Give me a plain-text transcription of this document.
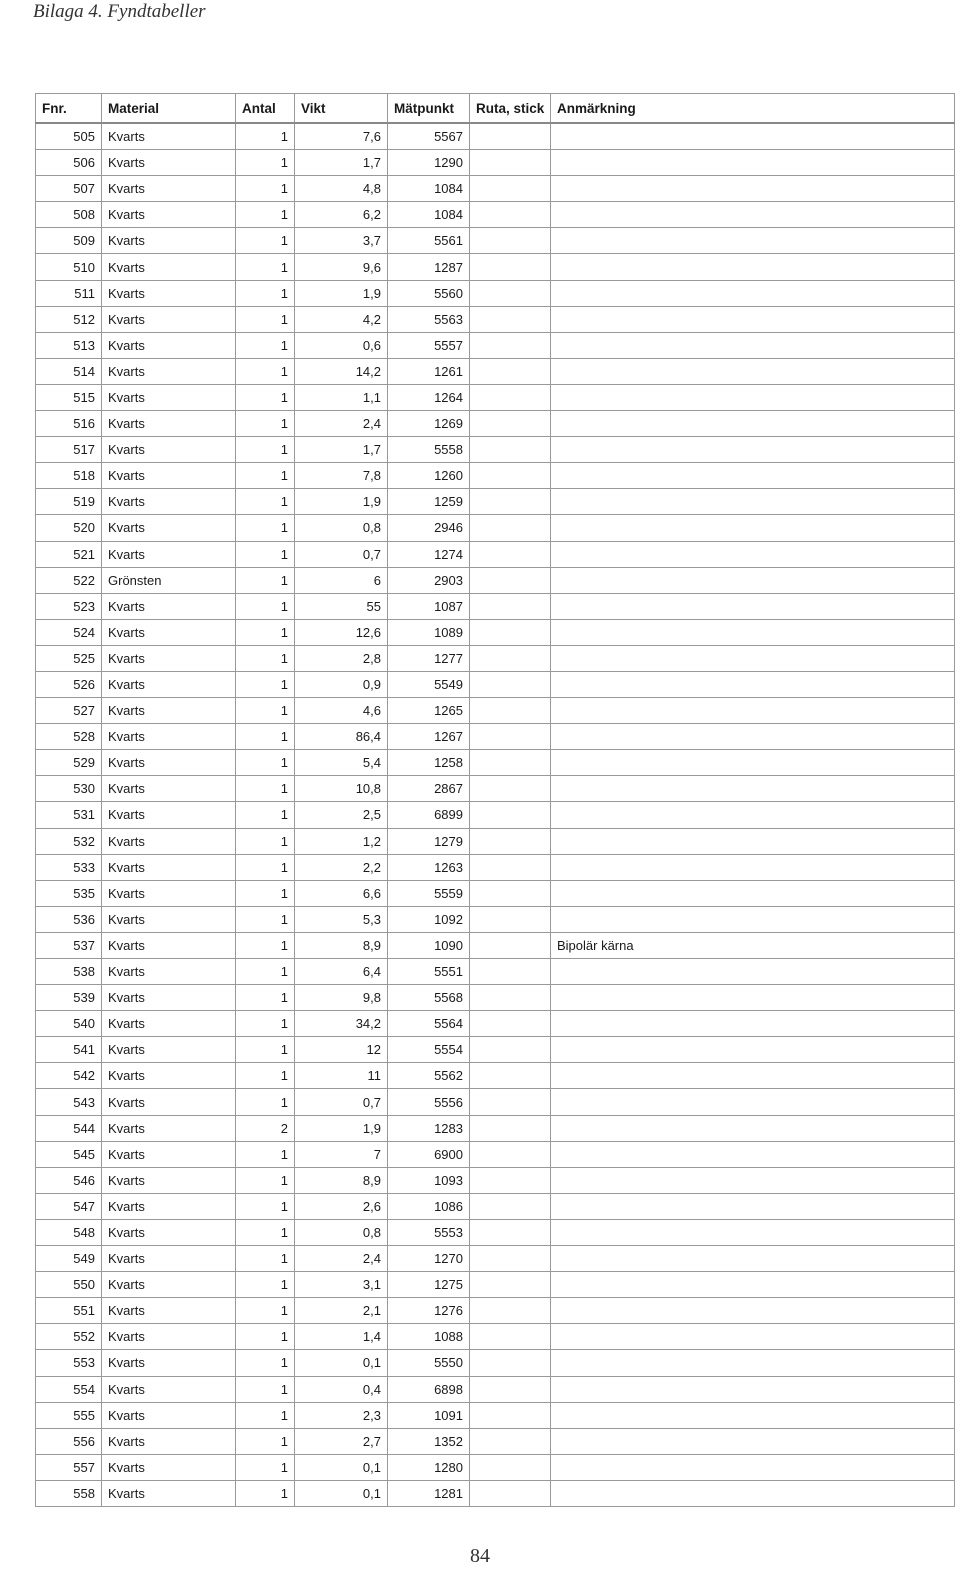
Bilaga 4. Fyndtabeller
Fnr.	Material	Antal	Vikt	Mätpunkt	Ruta, stick	Anmärkning
505	Kvarts	1	7,6	5567		
506	Kvarts	1	1,7	1290		
507	Kvarts	1	4,8	1084		
508	Kvarts	1	6,2	1084		
509	Kvarts	1	3,7	5561		
510	Kvarts	1	9,6	1287		
511	Kvarts	1	1,9	5560		
512	Kvarts	1	4,2	5563		
513	Kvarts	1	0,6	5557		
514	Kvarts	1	14,2	1261		
515	Kvarts	1	1,1	1264		
516	Kvarts	1	2,4	1269		
517	Kvarts	1	1,7	5558		
518	Kvarts	1	7,8	1260		
519	Kvarts	1	1,9	1259		
520	Kvarts	1	0,8	2946		
521	Kvarts	1	0,7	1274		
522	Grönsten	1	6	2903		
523	Kvarts	1	55	1087		
524	Kvarts	1	12,6	1089		
525	Kvarts	1	2,8	1277		
526	Kvarts	1	0,9	5549		
527	Kvarts	1	4,6	1265		
528	Kvarts	1	86,4	1267		
529	Kvarts	1	5,4	1258		
530	Kvarts	1	10,8	2867		
531	Kvarts	1	2,5	6899		
532	Kvarts	1	1,2	1279		
533	Kvarts	1	2,2	1263		
535	Kvarts	1	6,6	5559		
536	Kvarts	1	5,3	1092		
537	Kvarts	1	8,9	1090		Bipolär kärna
538	Kvarts	1	6,4	5551		
539	Kvarts	1	9,8	5568		
540	Kvarts	1	34,2	5564		
541	Kvarts	1	12	5554		
542	Kvarts	1	11	5562		
543	Kvarts	1	0,7	5556		
544	Kvarts	2	1,9	1283		
545	Kvarts	1	7	6900		
546	Kvarts	1	8,9	1093		
547	Kvarts	1	2,6	1086		
548	Kvarts	1	0,8	5553		
549	Kvarts	1	2,4	1270		
550	Kvarts	1	3,1	1275		
551	Kvarts	1	2,1	1276		
552	Kvarts	1	1,4	1088		
553	Kvarts	1	0,1	5550		
554	Kvarts	1	0,4	6898		
555	Kvarts	1	2,3	1091		
556	Kvarts	1	2,7	1352		
557	Kvarts	1	0,1	1280		
558	Kvarts	1	0,1	1281		
84
